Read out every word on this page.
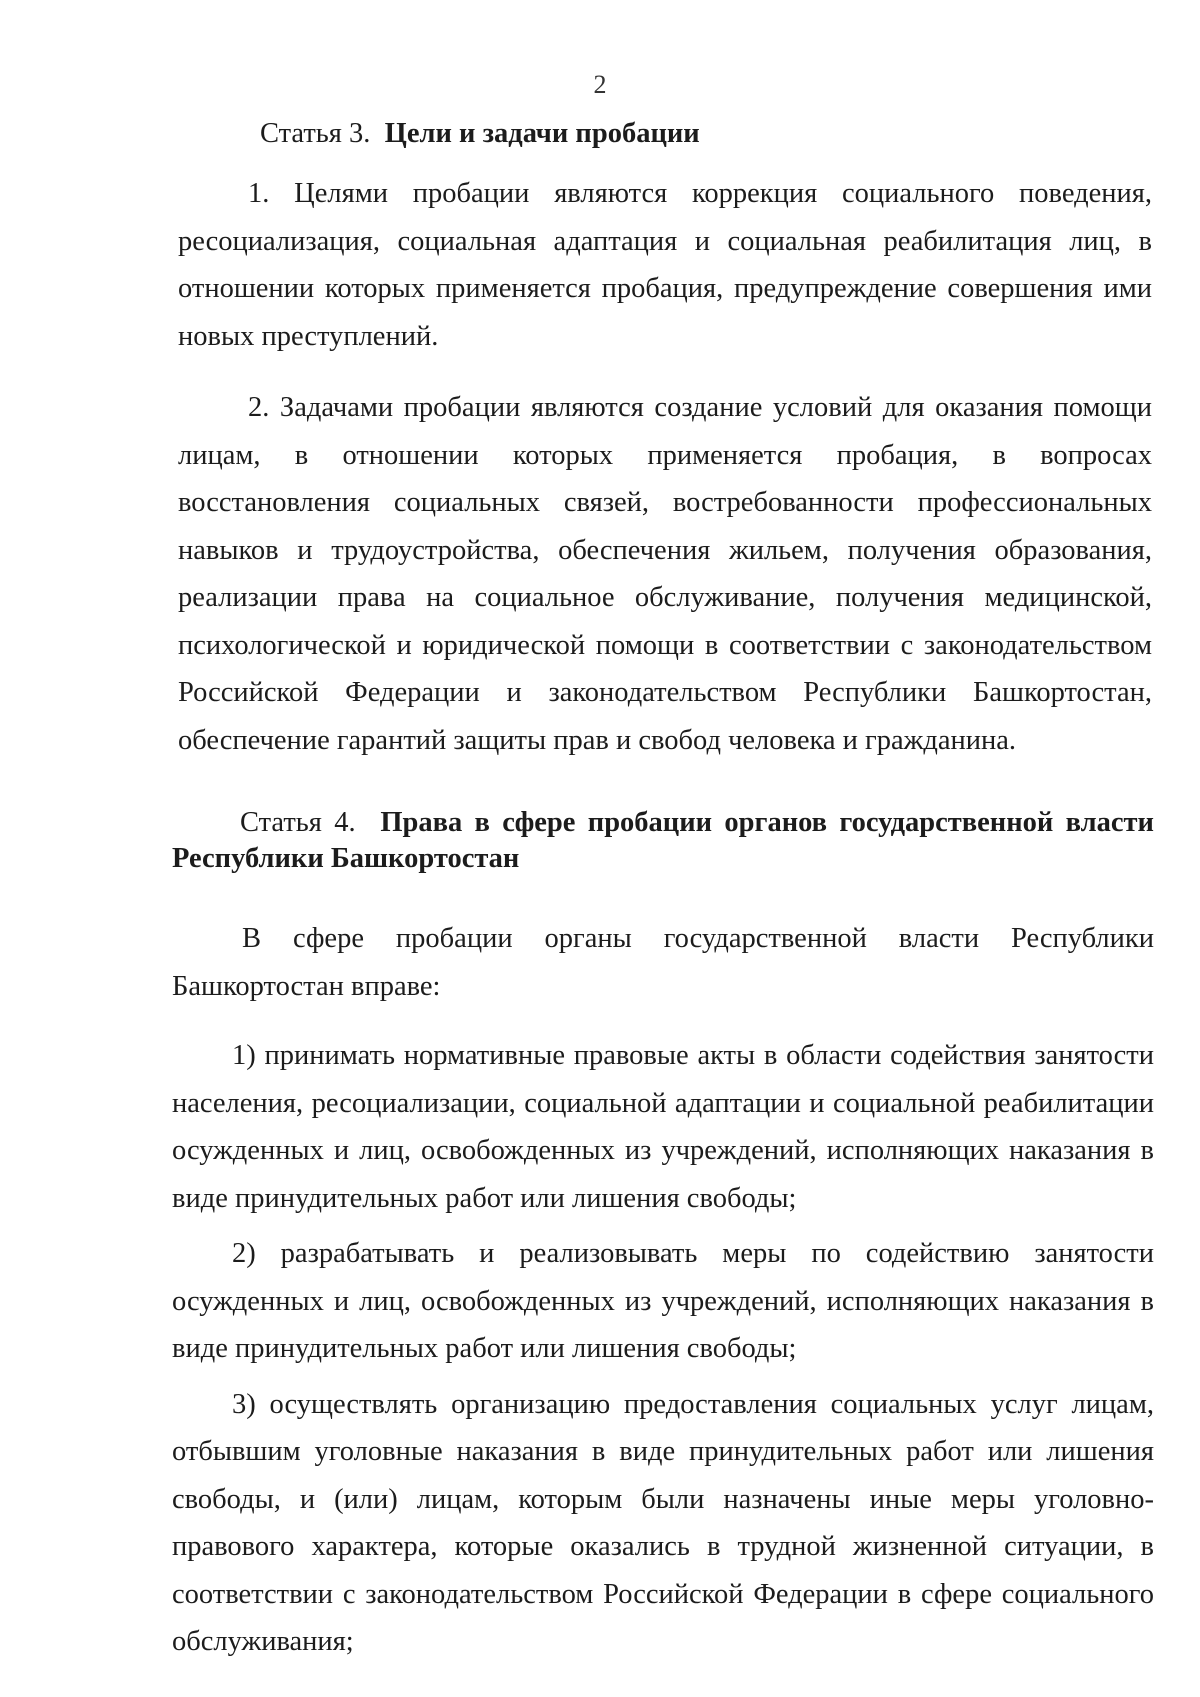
2
Статья 3. Цели и задачи пробации

1. Целями пробации являются коррекция социального поведения, ресоциализация, социальная адаптация и социальная реабилитация лиц, в отношении которых применяется пробация, предупреждение совершения ими новых преступлений.

2. Задачами пробации являются создание условий для оказания помощи лицам, в отношении которых применяется пробация, в вопросах восстановления социальных связей, востребованности профессиональных навыков и трудоустройства, обеспечения жильем, получения образования, реализации права на социальное обслуживание, получения медицинской, психологической и юридической помощи в соответствии с законодательством Российской Федерации и законодательством Республики Башкортостан, обеспечение гарантий защиты прав и свобод человека и гражданина.

Статья 4. Права в сфере пробации органов государственной власти Республики Башкортостан

В сфере пробации органы государственной власти Республики Башкортостан вправе:

1) принимать нормативные правовые акты в области содействия занятости населения, ресоциализации, социальной адаптации и социальной реабилитации осужденных и лиц, освобожденных из учреждений, исполняющих наказания в виде принудительных работ или лишения свободы;

2) разрабатывать и реализовывать меры по содействию занятости осужденных и лиц, освобожденных из учреждений, исполняющих наказания в виде принудительных работ или лишения свободы;

3) осуществлять организацию предоставления социальных услуг лицам, отбывшим уголовные наказания в виде принудительных работ или лишения свободы, и (или) лицам, которым были назначены иные меры уголовно-правового характера, которые оказались в трудной жизненной ситуации, в соответствии с законодательством Российской Федерации в сфере социального обслуживания;
